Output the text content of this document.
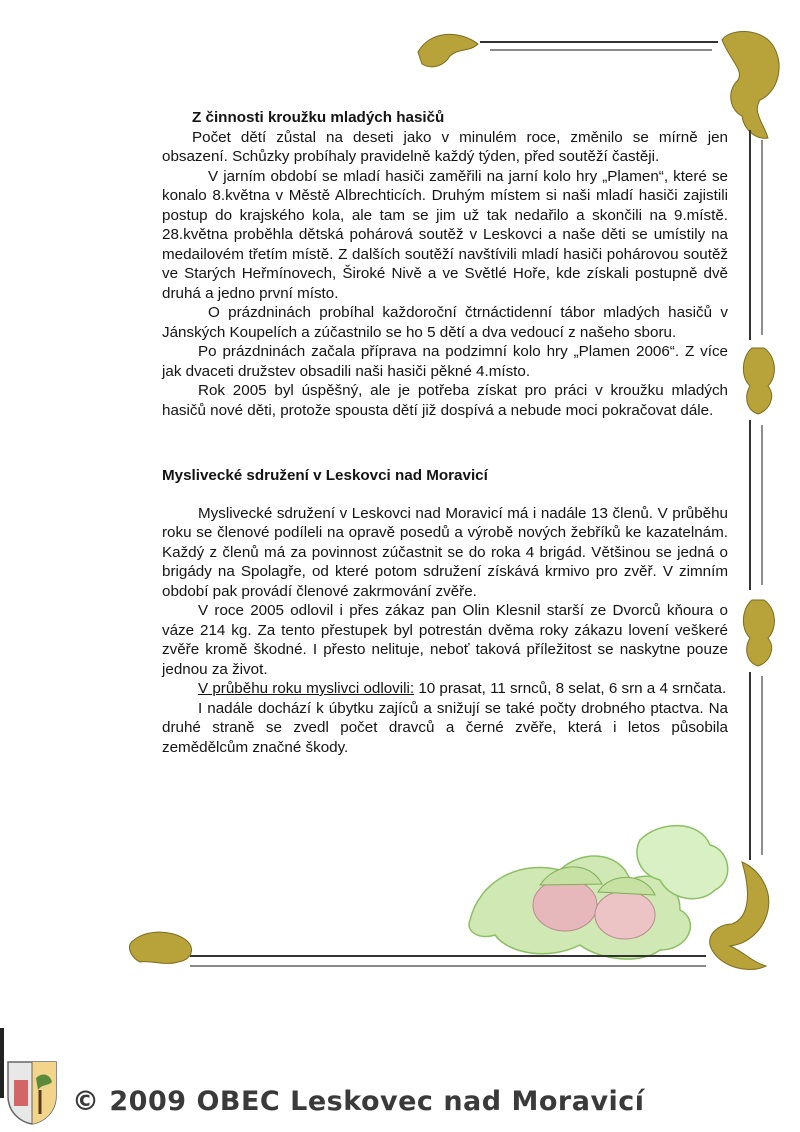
Z činnosti kroužku mladých hasičů

Počet dětí zůstal na deseti jako v minulém roce, změnilo se mírně jen obsazení. Schůzky probíhaly pravidelně každý týden, před soutěží častěji.

V jarním období se mladí hasiči zaměřili na jarní kolo hry „Plamen“, které se konalo 8.května v Městě Albrechticích. Druhým místem si naši mladí hasiči zajistili postup do krajského kola, ale tam se jim už tak nedařilo a skončili na 9.místě. 28.května proběhla dětská pohárová soutěž v Leskovci a naše děti se umístily na medailovém třetím místě. Z dalších soutěží navštívili mladí hasiči pohárovou soutěž ve Starých Heřmínovech, Široké Nivě a ve Světlé Hoře, kde získali postupně dvě druhá a jedno první místo.

O prázdninách probíhal každoroční čtrnáctidenní tábor mladých hasičů v Jánských Koupelích a zúčastnilo se ho 5 dětí a dva vedoucí z našeho sboru.

Po prázdninách začala příprava na podzimní kolo hry „Plamen 2006“. Z více jak dvaceti družstev obsadili naši hasiči pěkné 4.místo.

Rok 2005 byl úspěšný, ale je potřeba získat pro práci v kroužku mladých hasičů nové děti, protože spousta dětí již dospívá a nebude moci pokračovat dále.

Myslivecké sdružení v Leskovci nad Moravicí

Myslivecké sdružení v Leskovci nad Moravicí má i nadále 13 členů. V průběhu roku se členové podíleli na opravě posedů a výrobě nových žebříků ke kazatelnám. Každý z členů má za povinnost zúčastnit se do roka 4 brigád. Většinou se jedná o brigády na Spolagře, od které potom sdružení získává krmivo pro zvěř. V zimním období pak provádí členové zakrmování zvěře.

V roce 2005 odlovil i přes zákaz pan Olin Klesnil starší ze Dvorců kňoura o váze 214 kg. Za tento přestupek byl potrestán dvěma roky zákazu lovení veškeré zvěře kromě škodné. I přesto nelituje, neboť taková příležitost se naskytne pouze jednou za život.

V průběhu roku myslivci odlovili: 10 prasat, 11 srnců, 8 selat, 6 srn a 4 srnčata.

I nadále dochází k úbytku zajíců a snižují se také počty drobného ptactva. Na druhé straně se zvedl počet dravců a černé zvěře, která i letos působila zemědělcům značné škody.

© 2009 OBEC Leskovec nad Moravicí
